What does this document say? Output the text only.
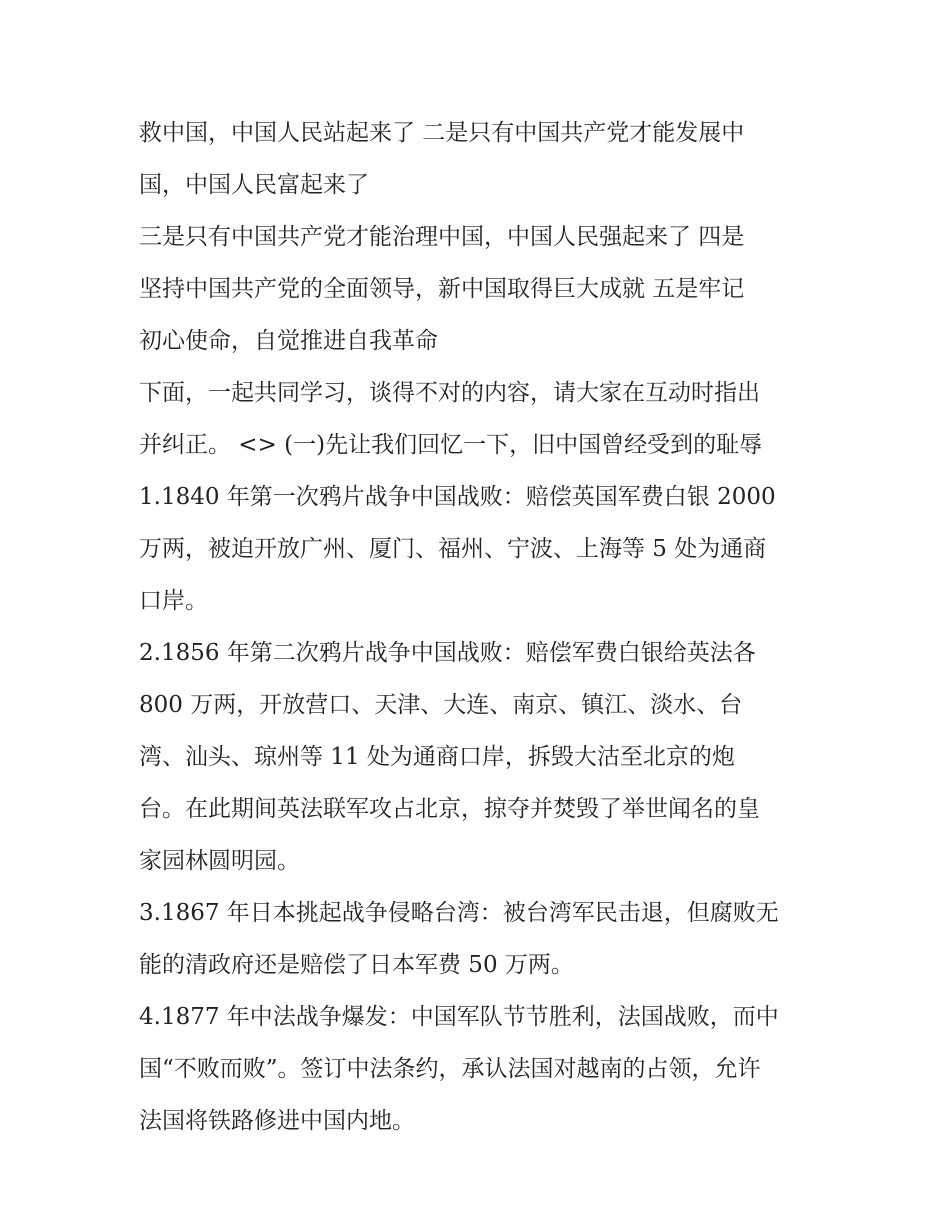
救中国，中国人民站起来了 二是只有中国共产党才能发展中
国，中国人民富起来了
三是只有中国共产党才能治理中国，中国人民强起来了 四是
坚持中国共产党的全面领导，新中国取得巨大成就 五是牢记
初心使命，自觉推进自我革命
下面，一起共同学习，谈得不对的内容，请大家在互动时指出
并纠正。 <> (一)先让我们回忆一下，旧中国曾经受到的耻辱
1.1840 年第一次鸦片战争中国战败：赔偿英国军费白银 2000
万两，被迫开放广州、厦门、福州、宁波、上海等 5 处为通商
口岸。
2.1856 年第二次鸦片战争中国战败：赔偿军费白银给英法各
800 万两，开放营口、天津、大连、南京、镇江、淡水、台
湾、汕头、琼州等 11 处为通商口岸，拆毁大沽至北京的炮
台。在此期间英法联军攻占北京，掠夺并焚毁了举世闻名的皇
家园林圆明园。
3.1867 年日本挑起战争侵略台湾：被台湾军民击退，但腐败无
能的清政府还是赔偿了日本军费 50 万两。
4.1877 年中法战争爆发：中国军队节节胜利，法国战败，而中
国“不败而败”。签订中法条约，承认法国对越南的占领，允许
法国将铁路修进中国内地。
